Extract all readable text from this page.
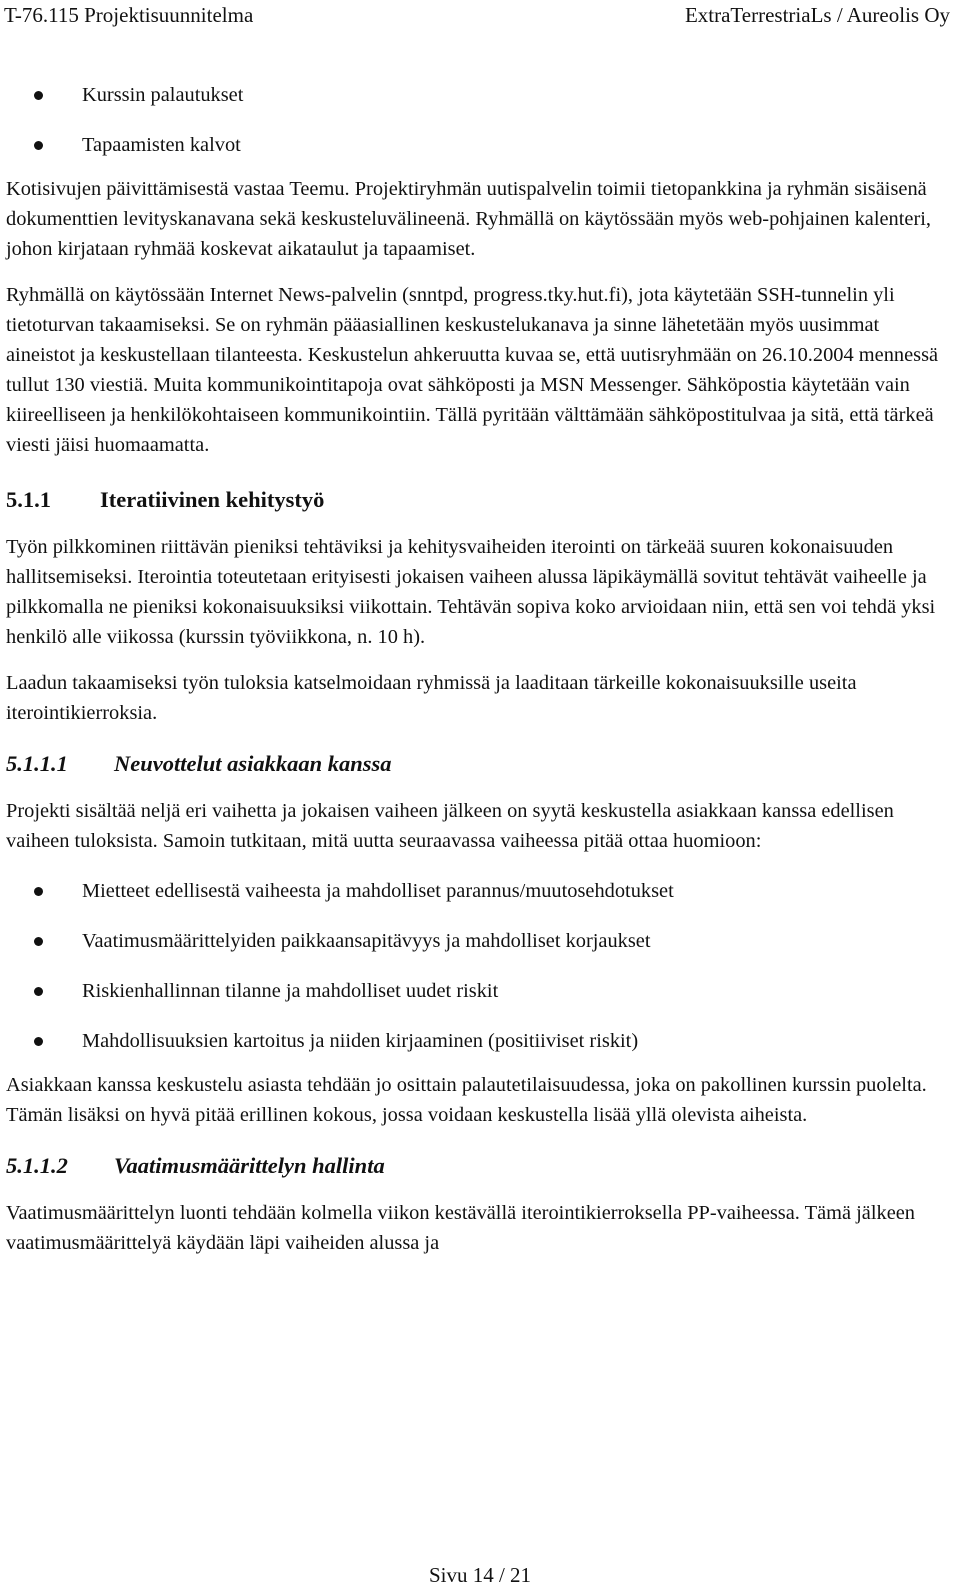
T-76.115 Projektisuunnitelma	ExtraTerrestriaLs / Aureolis Oy
Kurssin palautukset
Tapaamisten kalvot

Kotisivujen päivittämisestä vastaa Teemu. Projektiryhmän uutispalvelin toimii tietopankkina ja ryhmän sisäisenä dokumenttien levityskanavana sekä keskusteluvälineenä. Ryhmällä on käytössään myös web-pohjainen kalenteri, johon kirjataan ryhmää koskevat aikataulut ja tapaamiset.

Ryhmällä on käytössään Internet News-palvelin (snntpd, progress.tky.hut.fi), jota käytetään SSH-tunnelin yli tietoturvan takaamiseksi. Se on ryhmän pääasiallinen keskustelukanava ja sinne lähetetään myös uusimmat aineistot ja keskustellaan tilanteesta. Keskustelun ahkeruutta kuvaa se, että uutisryhmään on 26.10.2004 mennessä tullut 130 viestiä. Muita kommunikointitapoja ovat sähköposti ja MSN Messenger. Sähköpostia käytetään vain kiireelliseen ja henkilökohtaiseen kommunikointiin. Tällä pyritään välttämään sähköpostitulvaa ja sitä, että tärkeä viesti jäisi huomaamatta.

5.1.1 Iteratiivinen kehitystyö

Työn pilkkominen riittävän pieniksi tehtäviksi ja kehitysvaiheiden iterointi on tärkeää suuren kokonaisuuden hallitsemiseksi. Iterointia toteutetaan erityisesti jokaisen vaiheen alussa läpikäymällä sovitut tehtävät vaiheelle ja pilkkomalla ne pieniksi kokonaisuuksiksi viikottain. Tehtävän sopiva koko arvioidaan niin, että sen voi tehdä yksi henkilö alle viikossa (kurssin työviikkona, n. 10 h).

Laadun takaamiseksi työn tuloksia katselmoidaan ryhmissä ja laaditaan tärkeille kokonaisuuksille useita iterointikierroksia.

5.1.1.1 Neuvottelut asiakkaan kanssa

Projekti sisältää neljä eri vaihetta ja jokaisen vaiheen jälkeen on syytä keskustella asiakkaan kanssa edellisen vaiheen tuloksista. Samoin tutkitaan, mitä uutta seuraavassa vaiheessa pitää ottaa huomioon:

Mietteet edellisestä vaiheesta ja mahdolliset parannus/muutosehdotukset
Vaatimusmäärittelyiden paikkaansapitävyys ja mahdolliset korjaukset
Riskienhallinnan tilanne ja mahdolliset uudet riskit
Mahdollisuuksien kartoitus ja niiden kirjaaminen (positiiviset riskit)

Asiakkaan kanssa keskustelu asiasta tehdään jo osittain palautetilaisuudessa, joka on pakollinen kurssin puolelta. Tämän lisäksi on hyvä pitää erillinen kokous, jossa voidaan keskustella lisää yllä olevista aiheista.

5.1.1.2 Vaatimusmäärittelyn hallinta

Vaatimusmäärittelyn luonti tehdään kolmella viikon kestävällä iterointikierroksella PP-vaiheessa. Tämä jälkeen vaatimusmäärittelyä käydään läpi vaiheiden alussa ja

Sivu 14 / 21
